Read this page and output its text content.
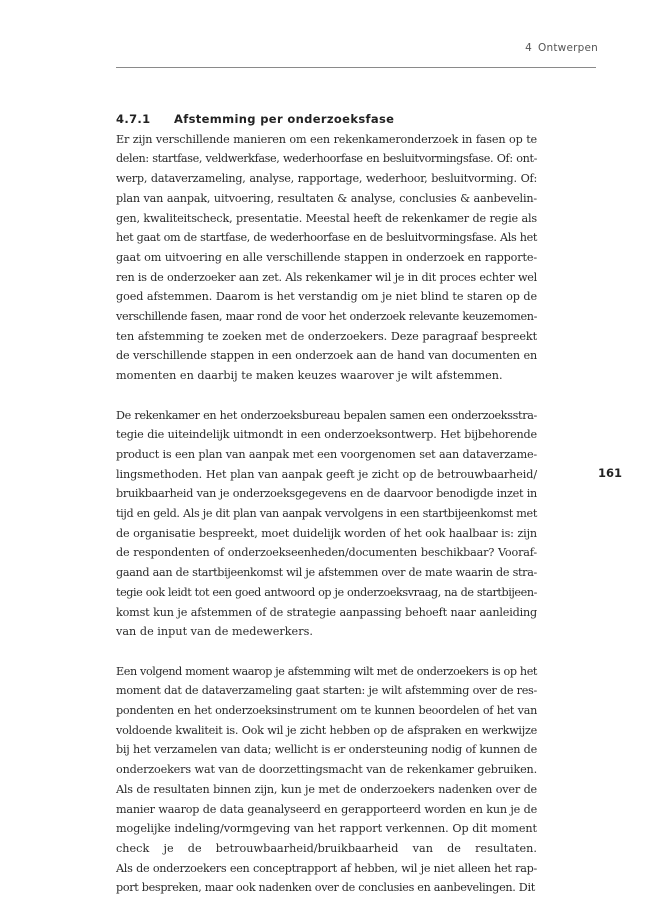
4 Ontwerpen
161
4.7.1 Afstemming per onderzoeksfase

Er zijn verschillende manieren om een rekenkameronderzoek in fasen op te
delen: startfase, veldwerkfase, wederhoorfase en besluitvormingsfase. Of: ont-
werp, dataverzameling, analyse, rapportage, wederhoor, besluitvorming. Of:
plan van aanpak, uitvoering, resultaten & analyse, conclusies & aanbevelin-
gen, kwaliteitscheck, presentatie. Meestal heeft de rekenkamer de regie als
het gaat om de startfase, de wederhoorfase en de besluitvormingsfase. Als het
gaat om uitvoering en alle verschillende stappen in onderzoek en rapporte-
ren is de onderzoeker aan zet. Als rekenkamer wil je in dit proces echter wel
goed afstemmen. Daarom is het verstandig om je niet blind te staren op de
verschillende fasen, maar rond de voor het onderzoek relevante keuzemomen-
ten afstemming te zoeken met de onderzoekers. Deze paragraaf bespreekt
de verschillende stappen in een onderzoek aan de hand van documenten en
momenten en daarbij te maken keuzes waarover je wilt afstemmen.

De rekenkamer en het onderzoeksbureau bepalen samen een onderzoeksstra-
tegie die uiteindelijk uitmondt in een onderzoeksontwerp. Het bijbehorende
product is een plan van aanpak met een voorgenomen set aan dataverzame-
lingsmethoden. Het plan van aanpak geeft je zicht op de betrouwbaarheid/
bruikbaarheid van je onderzoeksgegevens en de daarvoor benodigde inzet in
tijd en geld. Als je dit plan van aanpak vervolgens in een startbijeenkomst met
de organisatie bespreekt, moet duidelijk worden of het ook haalbaar is: zijn
de respondenten of onderzoekseenheden/documenten beschikbaar? Vooraf-
gaand aan de startbijeenkomst wil je afstemmen over de mate waarin de stra-
tegie ook leidt tot een goed antwoord op je onderzoeksvraag, na de startbijeen-
komst kun je afstemmen of de strategie aanpassing behoeft naar aanleiding
van de input van de medewerkers.

Een volgend moment waarop je afstemming wilt met de onderzoekers is op het
moment dat de dataverzameling gaat starten: je wilt afstemming over de res-
pondenten en het onderzoeksinstrument om te kunnen beoordelen of het van
voldoende kwaliteit is. Ook wil je zicht hebben op de afspraken en werkwijze
bij het verzamelen van data; wellicht is er ondersteuning nodig of kunnen de
onderzoekers wat van de doorzettingsmacht van de rekenkamer gebruiken.
Als de resultaten binnen zijn, kun je met de onderzoekers nadenken over de
manier waarop de data geanalyseerd en gerapporteerd worden en kun je de
mogelijke indeling/vormgeving van het rapport verkennen. Op dit moment
check je de betrouwbaarheid/bruikbaarheid van de resultaten.
Als de onderzoekers een conceptrapport af hebben, wil je niet alleen het rap-
port bespreken, maar ook nadenken over de conclusies en aanbevelingen. Dit
